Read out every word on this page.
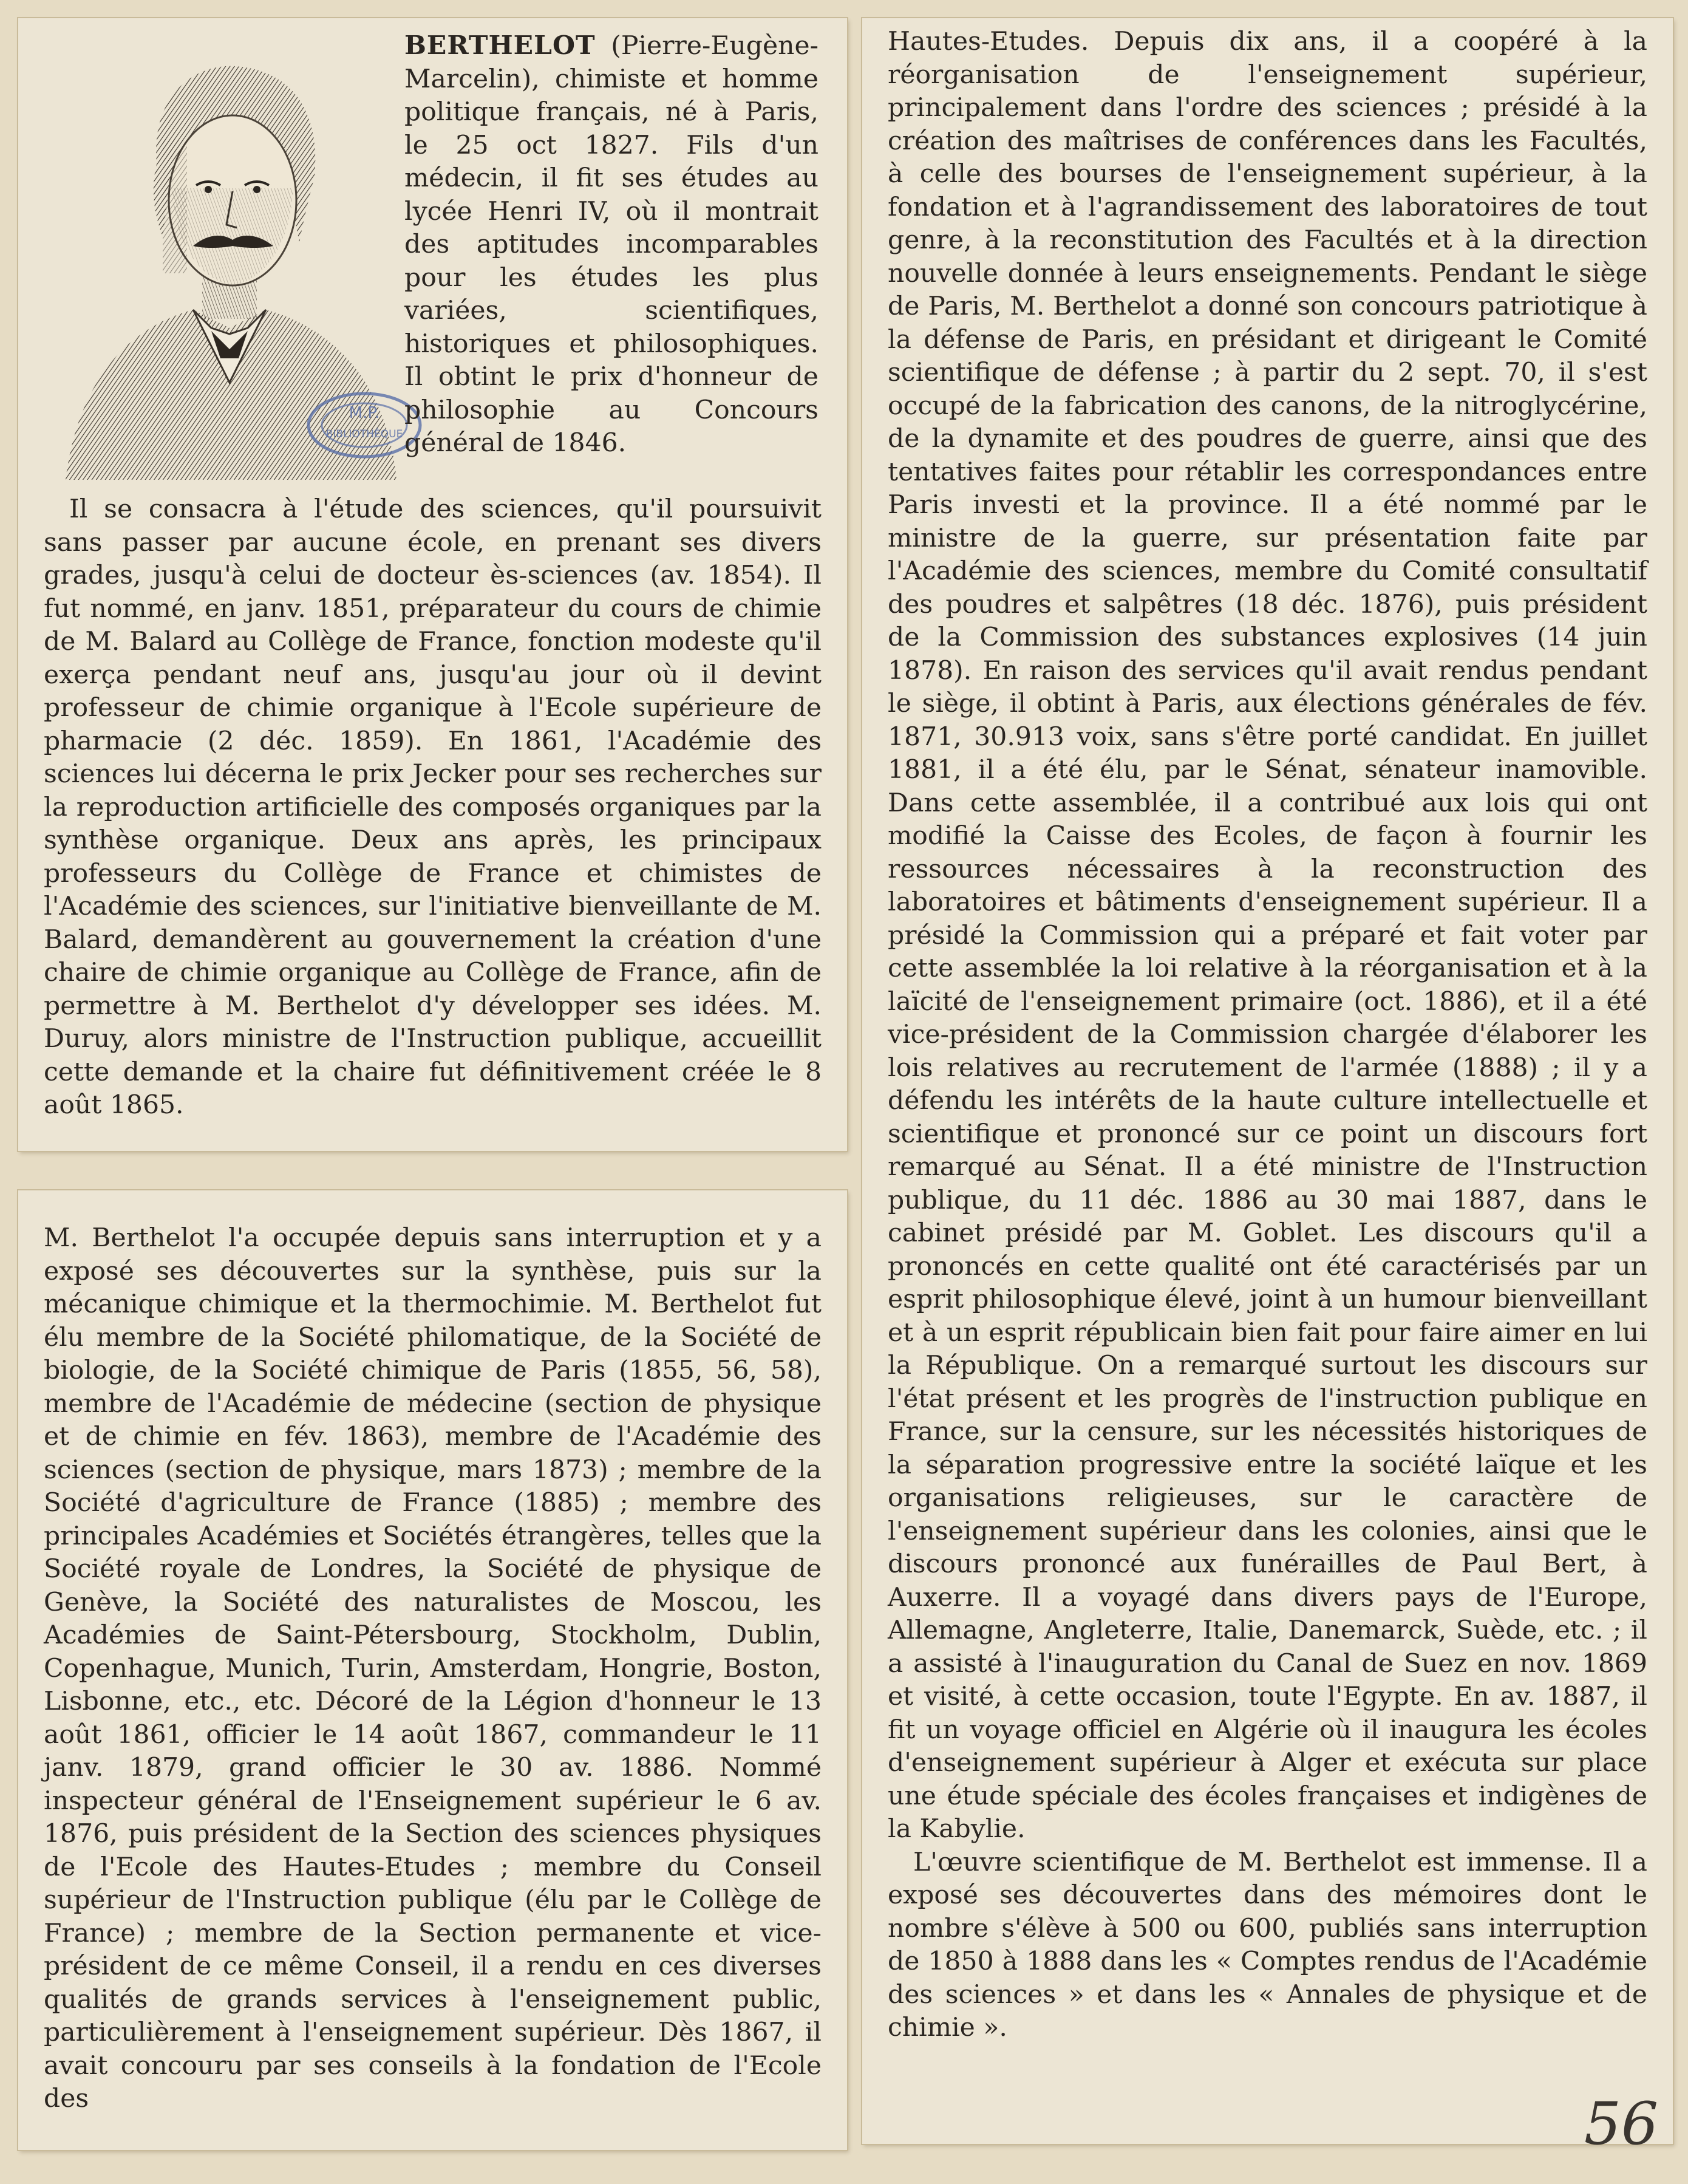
M.P.
BIBLIOTHÈQUE
BERTHELOT (Pierre-Eugène-Marcelin), chimiste et homme politique français, né à Paris, le 25 oct 1827. Fils d'un médecin, il fit ses études au lycée Henri IV, où il montrait des aptitudes incomparables pour les études les plus variées, scientifiques, historiques et philosophiques. Il obtint le prix d'honneur de philosophie au Concours général de 1846.

Il se consacra à l'étude des sciences, qu'il poursuivit sans passer par aucune école, en prenant ses divers grades, jusqu'à celui de docteur ès-sciences (av. 1854). Il fut nommé, en janv. 1851, préparateur du cours de chimie de M. Balard au Collège de France, fonction modeste qu'il exerça pendant neuf ans, jusqu'au jour où il devint professeur de chimie organique à l'Ecole supérieure de pharmacie (2 déc. 1859). En 1861, l'Académie des sciences lui décerna le prix Jecker pour ses recherches sur la reproduction artificielle des composés organiques par la synthèse organique. Deux ans après, les principaux professeurs du Collège de France et chimistes de l'Académie des sciences, sur l'initiative bienveillante de M. Balard, demandèrent au gouvernement la création d'une chaire de chimie organique au Collège de France, afin de permettre à M. Berthelot d'y développer ses idées. M. Duruy, alors ministre de l'Instruction publique, accueillit cette demande et la chaire fut définitivement créée le 8 août 1865.

M. Berthelot l'a occupée depuis sans interruption et y a exposé ses découvertes sur la synthèse, puis sur la mécanique chimique et la thermochimie. M. Berthelot fut élu membre de la Société philomatique, de la Société de biologie, de la Société chimique de Paris (1855, 56, 58), membre de l'Académie de médecine (section de physique et de chimie en fév. 1863), membre de l'Académie des sciences (section de physique, mars 1873) ; membre de la Société d'agriculture de France (1885) ; membre des principales Académies et Sociétés étrangères, telles que la Société royale de Londres, la Société de physique de Genève, la Société des naturalistes de Moscou, les Académies de Saint-Pétersbourg, Stockholm, Dublin, Copenhague, Munich, Turin, Amsterdam, Hongrie, Boston, Lisbonne, etc., etc. Décoré de la Légion d'honneur le 13 août 1861, officier le 14 août 1867, commandeur le 11 janv. 1879, grand officier le 30 av. 1886. Nommé inspecteur général de l'Enseignement supérieur le 6 av. 1876, puis président de la Section des sciences physiques de l'Ecole des Hautes-Etudes ; membre du Conseil supérieur de l'Instruction publique (élu par le Collège de France) ; membre de la Section permanente et vice-président de ce même Conseil, il a rendu en ces diverses qualités de grands services à l'enseignement public, particulièrement à l'enseignement supérieur. Dès 1867, il avait concouru par ses conseils à la fondation de l'Ecole des

Hautes-Etudes. Depuis dix ans, il a coopéré à la réorganisation de l'enseignement supérieur, principalement dans l'ordre des sciences ; présidé à la création des maîtrises de conférences dans les Facultés, à celle des bourses de l'enseignement supérieur, à la fondation et à l'agrandissement des laboratoires de tout genre, à la reconstitution des Facultés et à la direction nouvelle donnée à leurs enseignements. Pendant le siège de Paris, M. Berthelot a donné son concours patriotique à la défense de Paris, en présidant et dirigeant le Comité scientifique de défense ; à partir du 2 sept. 70, il s'est occupé de la fabrication des canons, de la nitroglycérine, de la dynamite et des poudres de guerre, ainsi que des tentatives faites pour rétablir les correspondances entre Paris investi et la province. Il a été nommé par le ministre de la guerre, sur présentation faite par l'Académie des sciences, membre du Comité consultatif des poudres et salpêtres (18 déc. 1876), puis président de la Commission des substances explosives (14 juin 1878). En raison des services qu'il avait rendus pendant le siège, il obtint à Paris, aux élections générales de fév. 1871, 30.913 voix, sans s'être porté candidat. En juillet 1881, il a été élu, par le Sénat, sénateur inamovible. Dans cette assemblée, il a contribué aux lois qui ont modifié la Caisse des Ecoles, de façon à fournir les ressources nécessaires à la reconstruction des laboratoires et bâtiments d'enseignement supérieur. Il a présidé la Commission qui a préparé et fait voter par cette assemblée la loi relative à la réorganisation et à la laïcité de l'enseignement primaire (oct. 1886), et il a été vice-président de la Commission chargée d'élaborer les lois relatives au recrutement de l'armée (1888) ; il y a défendu les intérêts de la haute culture intellectuelle et scientifique et prononcé sur ce point un discours fort remarqué au Sénat. Il a été ministre de l'Instruction publique, du 11 déc. 1886 au 30 mai 1887, dans le cabinet présidé par M. Goblet. Les discours qu'il a prononcés en cette qualité ont été caractérisés par un esprit philosophique élevé, joint à un humour bienveillant et à un esprit républicain bien fait pour faire aimer en lui la République. On a remarqué surtout les discours sur l'état présent et les progrès de l'instruction publique en France, sur la censure, sur les nécessités historiques de la séparation progressive entre la société laïque et les organisations religieuses, sur le caractère de l'enseignement supérieur dans les colonies, ainsi que le discours prononcé aux funérailles de Paul Bert, à Auxerre. Il a voyagé dans divers pays de l'Europe, Allemagne, Angleterre, Italie, Danemarck, Suède, etc. ; il a assisté à l'inauguration du Canal de Suez en nov. 1869 et visité, à cette occasion, toute l'Egypte. En av. 1887, il fit un voyage officiel en Algérie où il inaugura les écoles d'enseignement supérieur à Alger et exécuta sur place une étude spéciale des écoles françaises et indigènes de la Kabylie.

L'œuvre scientifique de M. Berthelot est immense. Il a exposé ses découvertes dans des mémoires dont le nombre s'élève à 500 ou 600, publiés sans interruption de 1850 à 1888 dans les « Comptes rendus de l'Académie des sciences » et dans les « Annales de physique et de chimie ».

56
